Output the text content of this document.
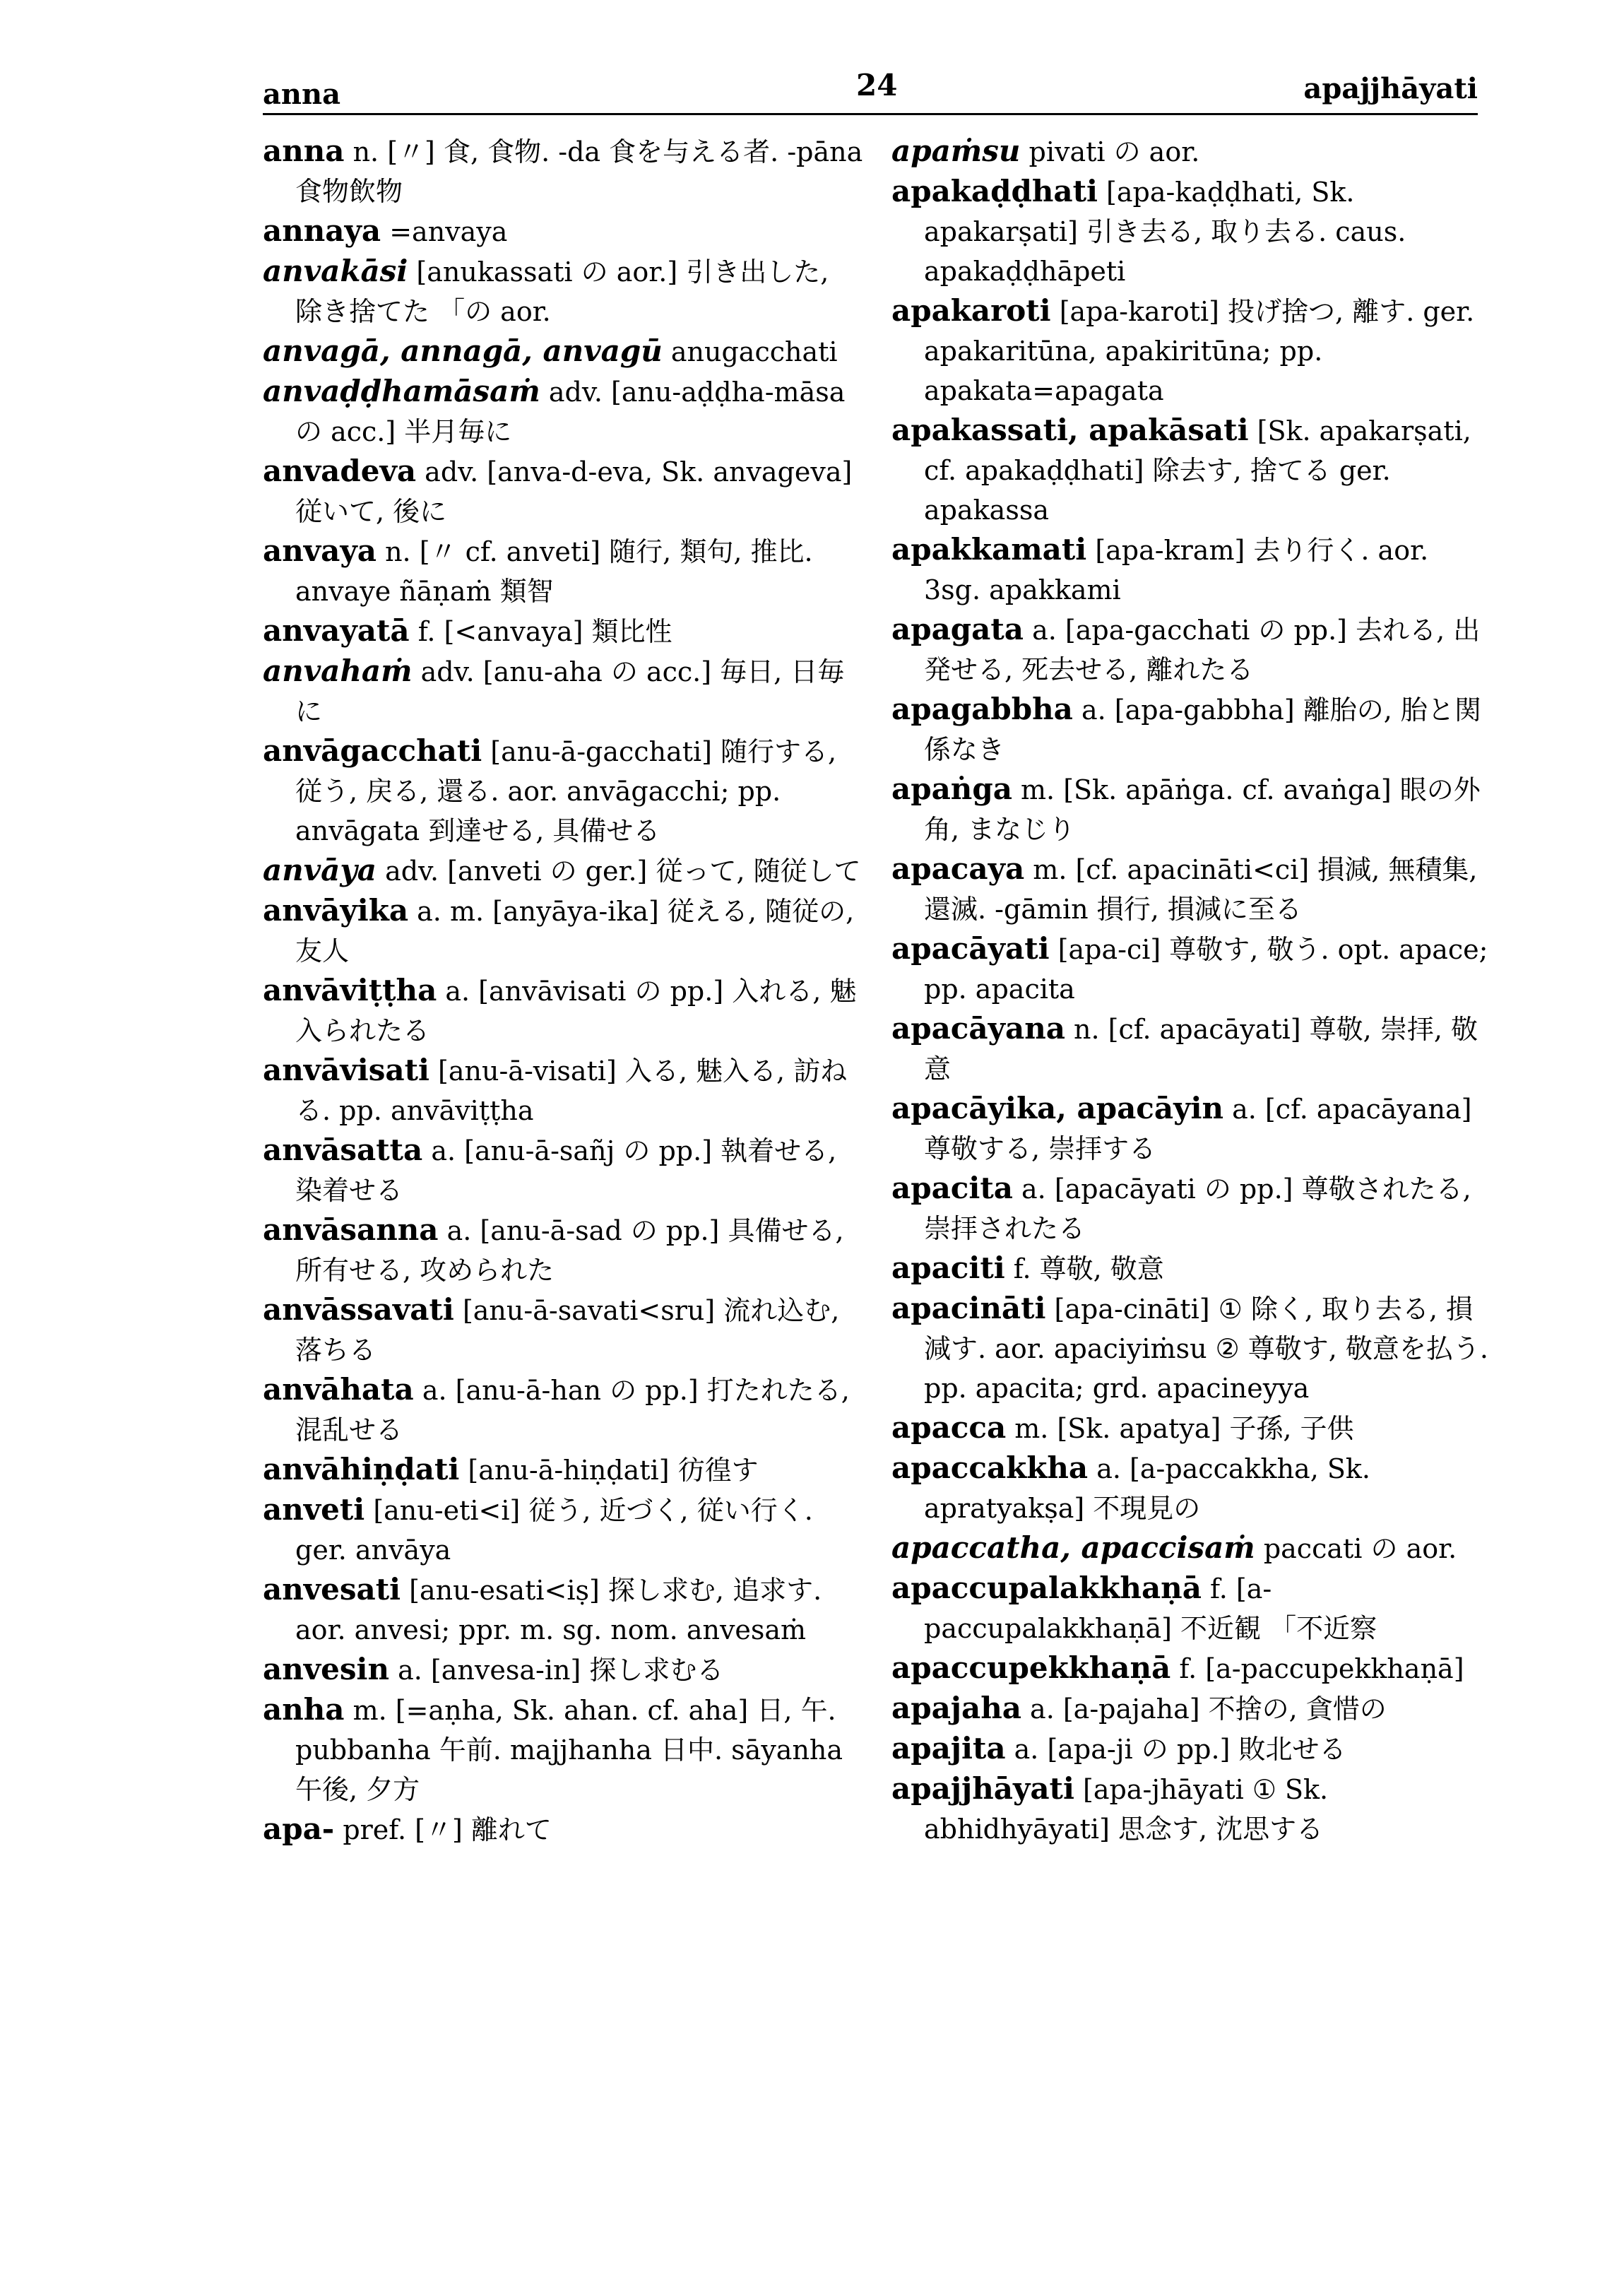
anna	24	apajjhāyati
anna n. [〃] 食, 食物. -da 食を与える者. -pāna 食物飲物
annaya =anvaya
anvakāsi [anukassati の aor.] 引き出した, 除き捨てた 「の aor.
anvagā, annagā, anvagū anugacchati
anvaḍḍhamāsaṁ adv. [anu-aḍḍha-māsa の acc.] 半月毎に
anvadeva adv. [anva-d-eva, Sk. anvageva] 従いて, 後に
anvaya n. [〃 cf. anveti] 随行, 類句, 推比. anvaye ñāṇaṁ 類智
anvayatā f. [<anvaya] 類比性
anvahaṁ adv. [anu-aha の acc.] 毎日, 日毎に
anvāgacchati [anu-ā-gacchati] 随行する, 従う, 戻る, 還る. aor. anvāgacchi; pp. anvāgata 到達せる, 具備せる
anvāya adv. [anveti の ger.] 従って, 随従して
anvāyika a. m. [anyāya-ika] 従える, 随従の, 友人
anvāviṭṭha a. [anvāvisati の pp.] 入れる, 魅入られたる
anvāvisati [anu-ā-visati] 入る, 魅入る, 訪ねる. pp. anvāviṭṭha
anvāsatta a. [anu-ā-sañj の pp.] 執着せる, 染着せる
anvāsanna a. [anu-ā-sad の pp.] 具備せる, 所有せる, 攻められた
anvāssavati [anu-ā-savati<sru] 流れ込む, 落ちる
anvāhata a. [anu-ā-han の pp.] 打たれたる, 混乱せる
anvāhiṇḍati [anu-ā-hiṇḍati] 彷徨す
anveti [anu-eti<i] 従う, 近づく, 従い行く. ger. anvāya
anvesati [anu-esati<iṣ] 探し求む, 追求す. aor. anvesi; ppr. m. sg. nom. anvesaṁ
anvesin a. [anvesa-in] 探し求むる
anha m. [=aṇha, Sk. ahan. cf. aha] 日, 午. pubbanha 午前. majjhanha 日中. sāyanha 午後, 夕方
apa- pref. [〃] 離れて
apaṁsu pivati の aor.
apakaḍḍhati [apa-kaḍḍhati, Sk. apakarṣati] 引き去る, 取り去る. caus. apakaḍḍhāpeti
apakaroti [apa-karoti] 投げ捨つ, 離す. ger. apakaritūna, apakiritūna; pp. apakata=apagata
apakassati, apakāsati [Sk. apakarṣati, cf. apakaḍḍhati] 除去す, 捨てる ger. apakassa
apakkamati [apa-kram] 去り行く. aor. 3sg. apakkami
apagata a. [apa-gacchati の pp.] 去れる, 出発せる, 死去せる, 離れたる
apagabbha a. [apa-gabbha] 離胎の, 胎と関係なき
apaṅga m. [Sk. apāṅga. cf. avaṅga] 眼の外角, まなじり
apacaya m. [cf. apacināti<ci] 損減, 無積集, 還滅. -gāmin 損行, 損減に至る
apacāyati [apa-ci] 尊敬す, 敬う. opt. apace; pp. apacita
apacāyana n. [cf. apacāyati] 尊敬, 崇拝, 敬意
apacāyika, apacāyin a. [cf. apacāyana] 尊敬する, 崇拝する
apacita a. [apacāyati の pp.] 尊敬されたる, 崇拝されたる
apaciti f. 尊敬, 敬意
apacināti [apa-cināti] ① 除く, 取り去る, 損減す. aor. apaciyiṁsu ② 尊敬す, 敬意を払う. pp. apacita; grd. apacineyya
apacca m. [Sk. apatya] 子孫, 子供
apaccakkha a. [a-paccakkha, Sk. apratyakṣa] 不現見の
apaccatha, apaccisaṁ paccati の aor.
apaccupalakkhaṇā f. [a-paccupalakkhaṇā] 不近観 「不近察
apaccupekkhaṇā f. [a-paccupekkhaṇā]
apajaha a. [a-pajaha] 不捨の, 貪惜の
apajita a. [apa-ji の pp.] 敗北せる
apajjhāyati [apa-jhāyati ① Sk. abhidhyāyati] 思念す, 沈思する
